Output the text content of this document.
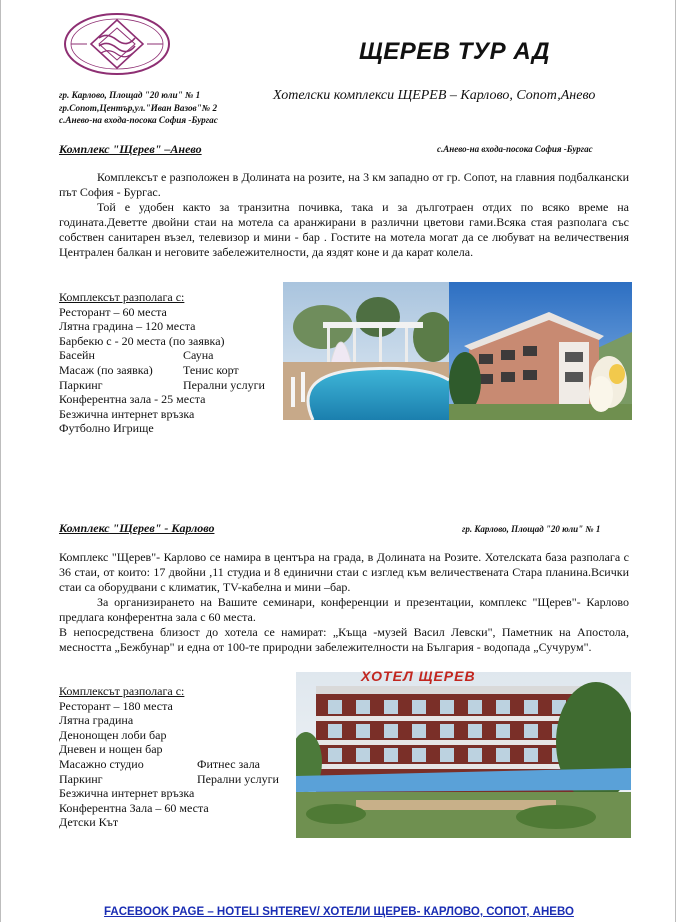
ЩЕРЕВ ТУР АД
гр. Карлово, Площад "20 юли" № 1
гр.Сопот,Център,ул."Иван Вазов"№ 2
с.Анево-на входа-посока София -Бургас
Хотелски комплекси ЩЕРЕВ – Карлово, Сопот,Анево
Комплекс "Щерев" –Анево	с.Анево-на входа-посока София -Бургас

Комплексът е разположен в Долината на розите, на 3 км западно от гр. Сопот, на главния подбалкански път София - Бургас.

Той е удобен както за транзитна почивка, така и за дълготраен отдих по всяко време на годината.Деветте двойни стаи на мотела са аранжирани в различни цветови гами.Всяка стая разполага със собствен санитарен възел, телевизор и мини - бар . Гостите на мотела могат да се любуват на величествения Централен балкан и неговите забележителности, да яздят коне и да карат колела.

Комплексът разполага с:
Ресторант – 60 места
Лятна градина – 120 места
Барбекю с - 20 места (по заявка)
Басейн	Сауна
Масаж (по заявка)	Тенис корт
Паркинг	Перални услуги
Конферентна зала - 25 места
Безжична интернет връзка
Футболно Игрище
Комплекс "Щерев" - Карлово	гр. Карлово, Площад "20 юли" № 1

Комплекс "Щерев"- Карлово се намира в центъра на града, в Долината на Розите. Хотелската база разполага с 36 стаи, от които: 17 двойни ,11 студиа и 8 единични стаи с изглед към величествената Стара планина.Всички стаи са оборудвани с климатик, TV-кабелна и мини –бар.

За организирането на Вашите семинари, конференции и презентации, комплекс "Щерев"- Карлово предлага конферентна зала с 60 места.

В непосредствена близост до хотела се намират: „Къща -музей Васил Левски", Паметник на Апостола, месността „Бежбунар" и една от 100-те природни забележителности на България - водопада „Сучурум".

Комплексът разполага с:
Ресторант – 180 места
Лятна градина
Денонощен лоби бар
Дневен и нощен бар
Масажно студио	Фитнес зала
Паркинг	Перални услуги
Безжична интернет връзка
Конферентна Зала – 60 места
Детски Кът
ХОТЕЛ ЩЕРЕВ
FACEBOOK PAGE – HOTELI SHTEREV/ ХОТЕЛИ ЩЕРЕВ- КАРЛОВО, СОПОТ, АНЕВО
